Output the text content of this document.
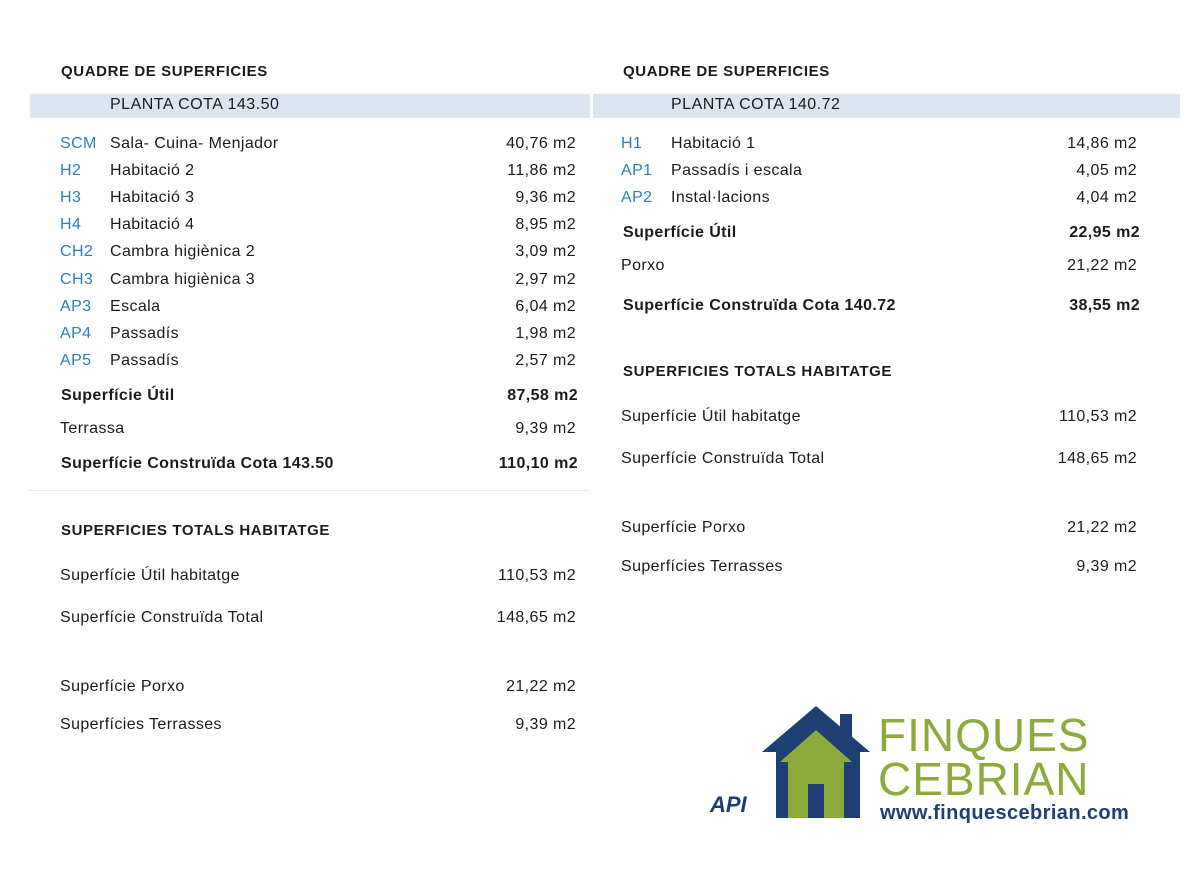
QUADRE DE SUPERFICIES
PLANTA COTA 143.50
SCM Sala- Cuina- Menjador	40,76 m2
H2 Habitació 2	11,86 m2
H3 Habitació 3	9,36 m2
H4 Habitació 4	8,95 m2
CH2 Cambra higiènica 2	3,09 m2
CH3 Cambra higiènica 3	2,97 m2
AP3 Escala	6,04 m2
AP4 Passadís	1,98 m2
AP5 Passadís	2,57 m2
Superfície Útil	87,58 m2
Terrassa	9,39 m2
Superfície Construïda Cota 143.50	110,10 m2
SUPERFICIES TOTALS HABITATGE
Superfície Útil habitatge	110,53 m2
Superfície Construïda Total	148,65 m2
Superfície Porxo	21,22 m2
Superfícies Terrasses	9,39 m2
QUADRE DE SUPERFICIES
PLANTA COTA 140.72
H1 Habitació 1	14,86 m2
AP1 Passadís i escala	4,05 m2
AP2 Instal·lacions	4,04 m2
Superfície Útil	22,95 m2
Porxo	21,22 m2
Superfície Construïda Cota 140.72	38,55 m2
SUPERFICIES TOTALS HABITATGE
Superfície Útil habitatge	110,53 m2
Superfície Construïda Total	148,65 m2
Superfície Porxo	21,22 m2
Superfícies Terrasses	9,39 m2
API
FINQUES
CEBRIAN
www.finquescebrian.com
